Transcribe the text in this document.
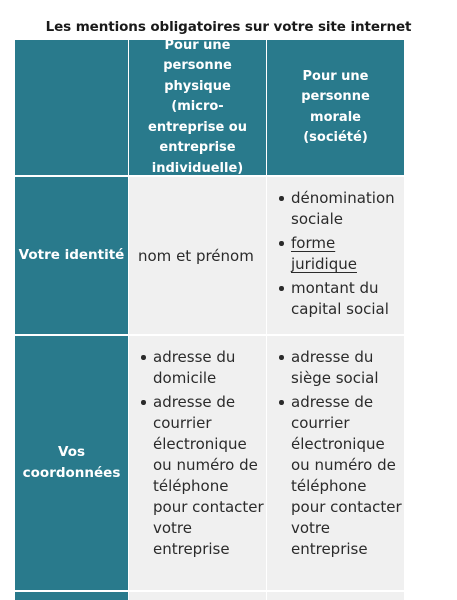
Les mentions obligatoires sur votre site internet
Pour une
personne
physique (micro-
entreprise ou
entreprise
individuelle)
Pour une
personne morale
(société)
Votre identité nom et prénom
dénomination sociale
forme juridique
montant du capital social
Vos coordonnées
adresse du domicile
adresse de courrier électronique ou numéro de téléphone pour contacter votre entreprise
adresse du siège social
adresse de courrier électronique ou numéro de téléphone pour contacter votre entreprise
